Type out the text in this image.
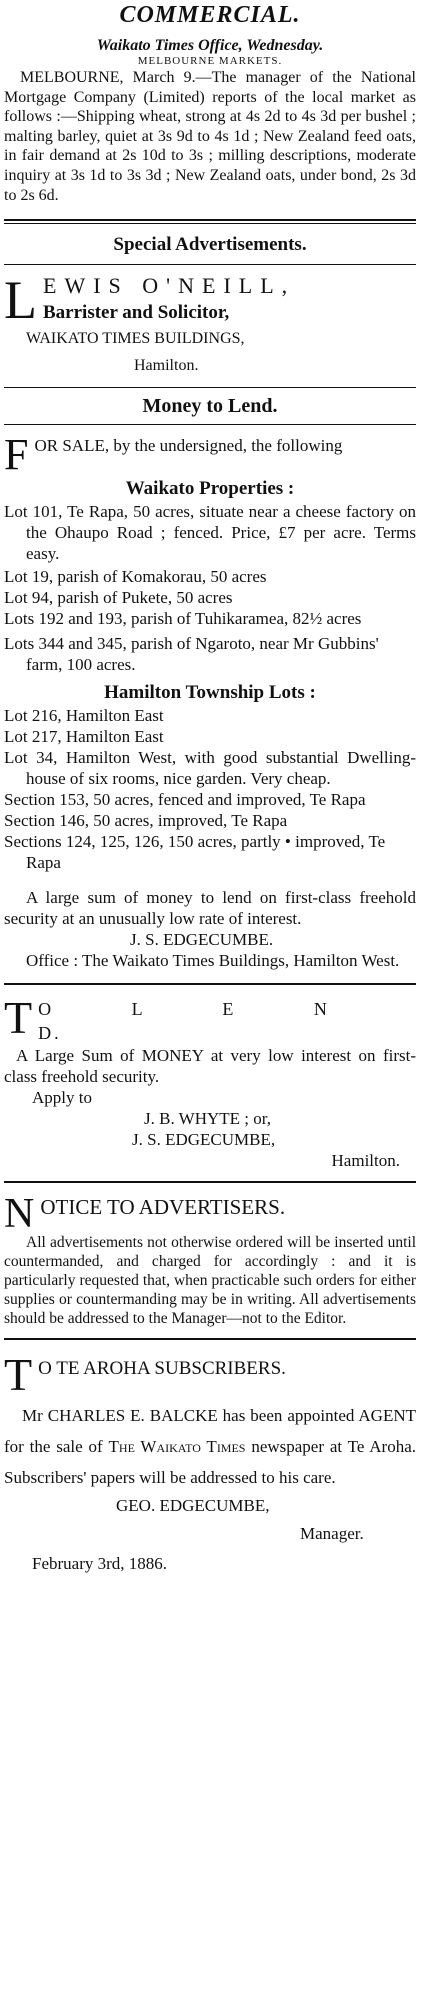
COMMERCIAL.

Waikato Times Office, Wednesday.

MELBOURNE MARKETS.

MELBOURNE, March 9.—The manager of the National Mortgage Company (Limited) reports of the local market as follows :—Shipping wheat, strong at 4s 2d to 4s 3d per bushel ; malting barley, quiet at 3s 9d to 4s 1d ; New Zealand feed oats, in fair demand at 2s 10d to 3s ; milling descriptions, moderate inquiry at 3s 1d to 3s 3d ; New Zealand oats, under bond, 2s 3d to 2s 6d.

Special Advertisements.

L EWIS O'NEILL,

Barrister and Solicitor,

WAIKATO TIMES BUILDINGS,

Hamilton.

Money to Lend.

F OR SALE, by the undersigned, the following

Waikato Properties :

Lot 101, Te Rapa, 50 acres, situate near a cheese factory on the Ohaupo Road ; fenced. Price, £7 per acre. Terms easy.

Lot 19, parish of Komakorau, 50 acres

Lot 94, parish of Pukete, 50 acres

Lots 192 and 193, parish of Tuhikaramea, 82½ acres

Lots 344 and 345, parish of Ngaroto, near Mr Gubbins' farm, 100 acres.

Hamilton Township Lots :

Lot 216, Hamilton East

Lot 217, Hamilton East

Lot 34, Hamilton West, with good substantial Dwelling-house of six rooms, nice garden. Very cheap.

Section 153, 50 acres, fenced and improved, Te Rapa

Section 146, 50 acres, improved, Te Rapa

Sections 124, 125, 126, 150 acres, partly • improved, Te Rapa

A large sum of money to lend on first-class freehold security at an unusually low rate of interest.

J. S. EDGECUMBE.

Office : The Waikato Times Buildings, Hamilton West.

T O L E N D.

A Large Sum of MONEY at very low interest on first-class freehold security.

Apply to

J. B. WHYTE ; or,

J. S. EDGECUMBE,

Hamilton.

N OTICE TO ADVERTISERS.

All advertisements not otherwise ordered will be inserted until countermanded, and charged for accordingly : and it is particularly requested that, when practicable such orders for either supplies or countermanding may be in writing. All advertisements should be addressed to the Manager—not to the Editor.

T O TE AROHA SUBSCRIBERS.

Mr CHARLES E. BALCKE has been appointed AGENT for the sale of The Waikato Times newspaper at Te Aroha. Subscribers' papers will be addressed to his care.

GEO. EDGECUMBE,

Manager.

February 3rd, 1886.
